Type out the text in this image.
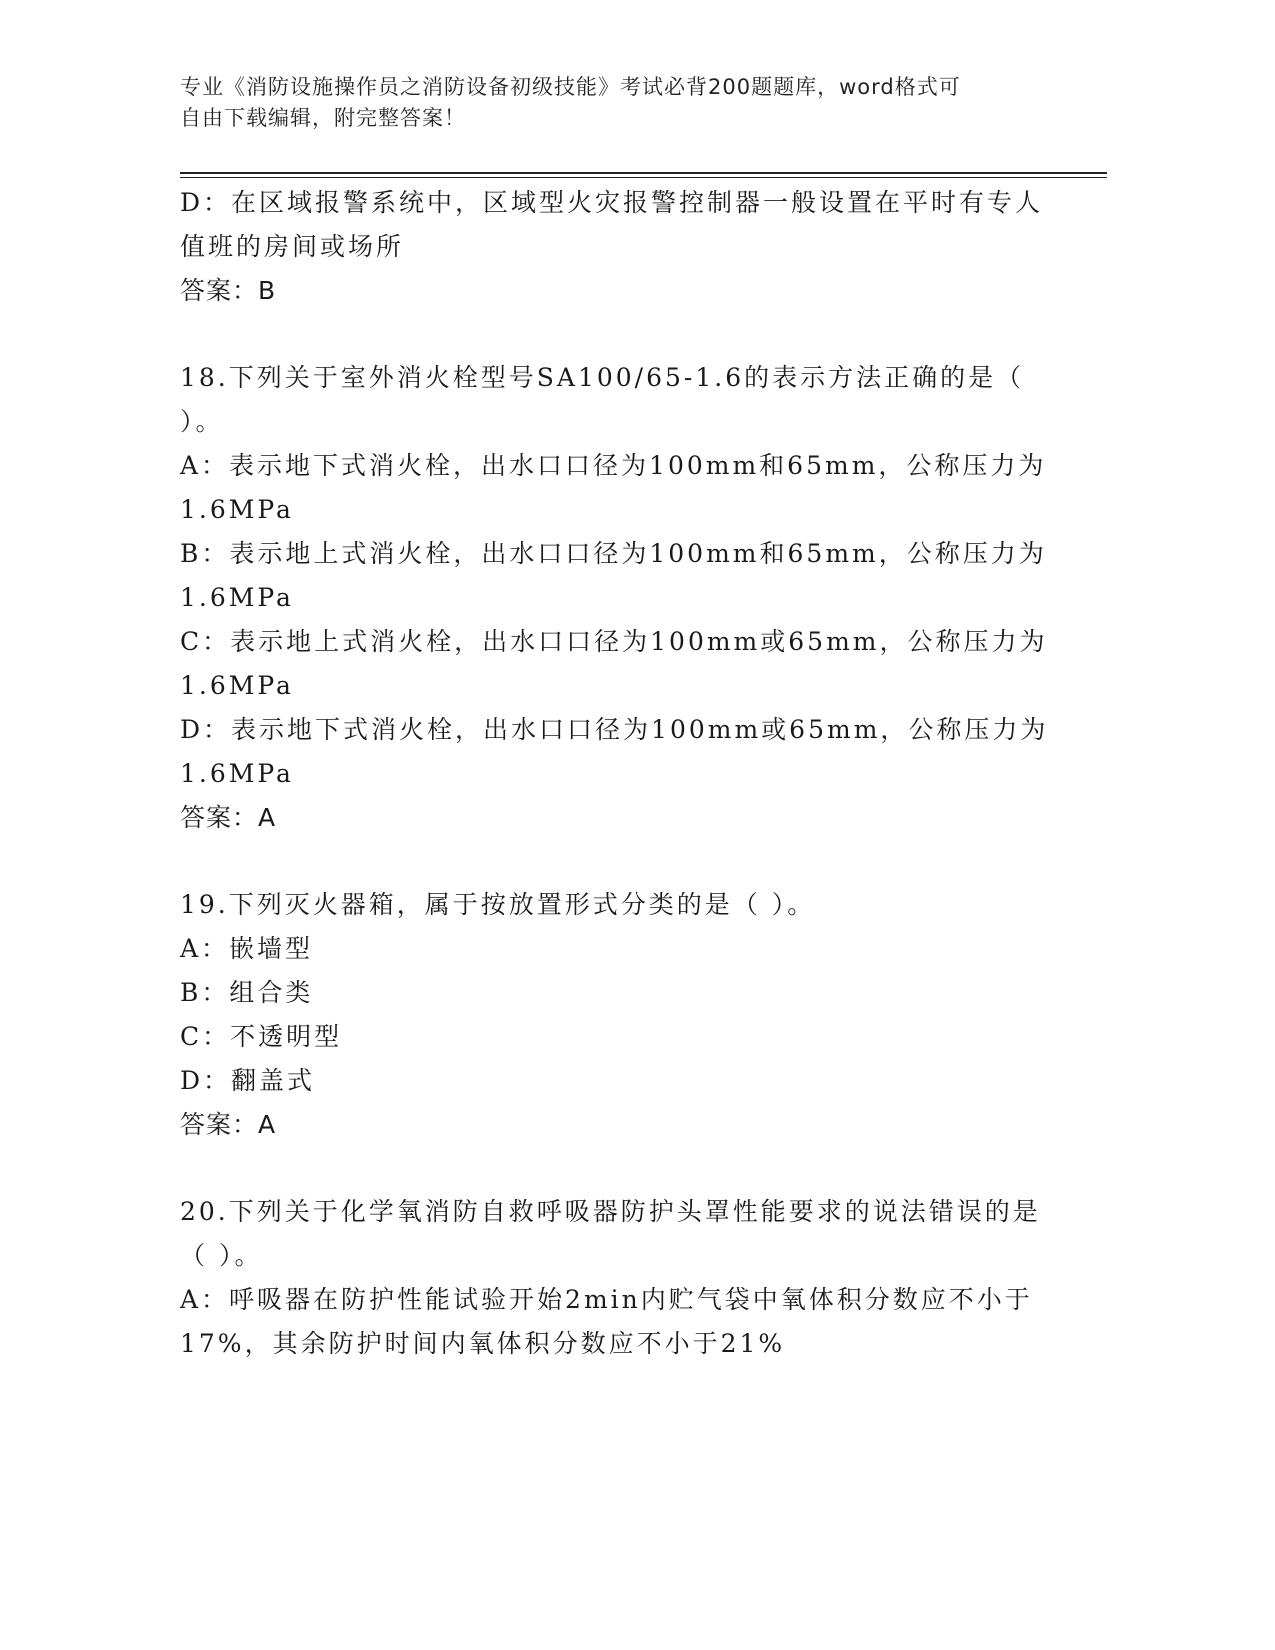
专业《消防设施操作员之消防设备初级技能》考试必背200题题库，word格式可
自由下载编辑，附完整答案！
D：在区域报警系统中，区域型火灾报警控制器一般设置在平时有专人
值班的房间或场所
答案：B
18.下列关于室外消火栓型号SA100/65-1.6的表示方法正确的是（
）。
A：表示地下式消火栓，出水口口径为100mm和65mm，公称压力为
1.6MPa
B：表示地上式消火栓，出水口口径为100mm和65mm，公称压力为
1.6MPa
C：表示地上式消火栓，出水口口径为100mm或65mm，公称压力为
1.6MPa
D：表示地下式消火栓，出水口口径为100mm或65mm，公称压力为
1.6MPa
答案：A
19.下列灭火器箱，属于按放置形式分类的是（ ）。
A：嵌墙型
B：组合类
C：不透明型
D：翻盖式
答案：A
20.下列关于化学氧消防自救呼吸器防护头罩性能要求的说法错误的是
（ ）。
A：呼吸器在防护性能试验开始2min内贮气袋中氧体积分数应不小于
17%，其余防护时间内氧体积分数应不小于21%
